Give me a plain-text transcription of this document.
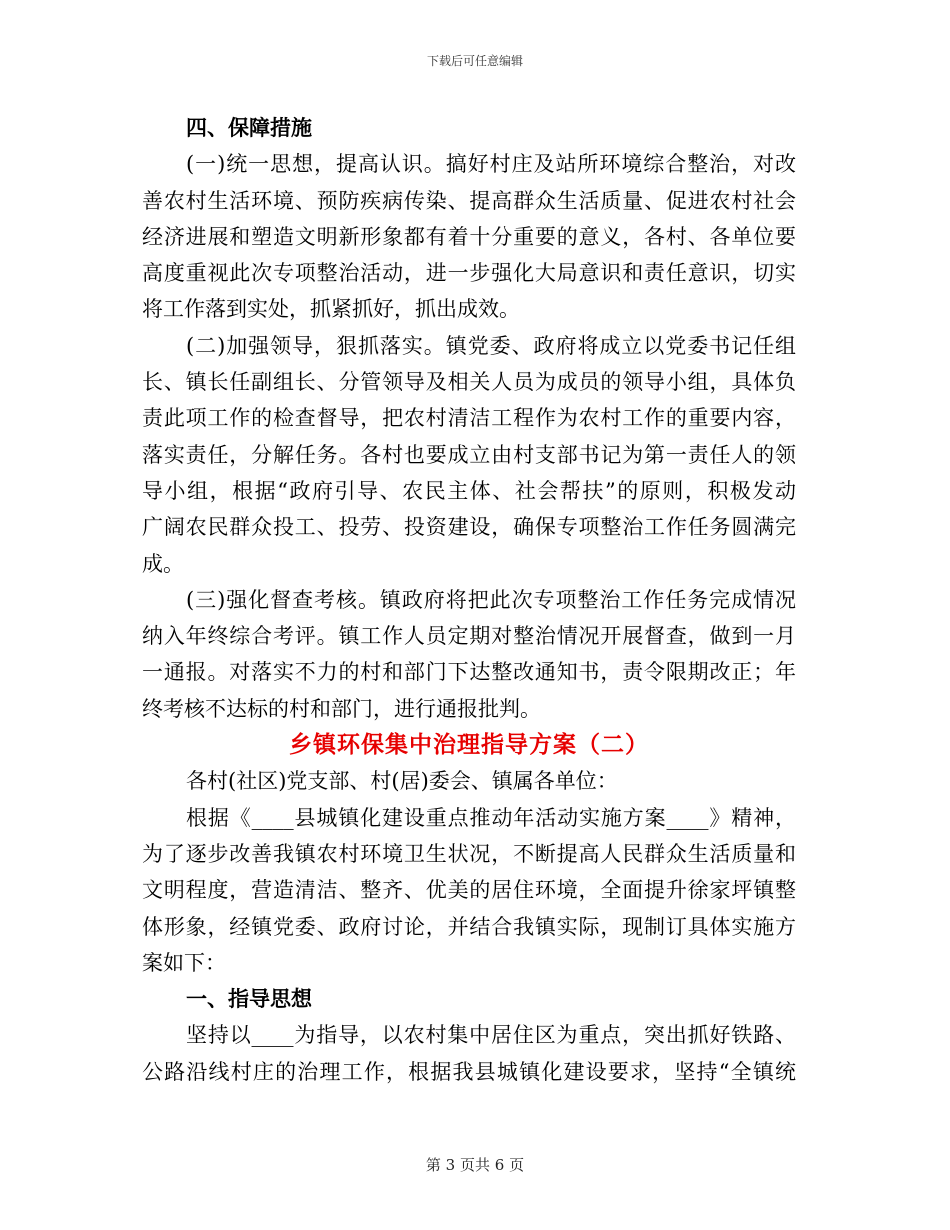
下载后可任意编辑
四、保障措施
(一)统一思想，提高认识。搞好村庄及站所环境综合整治，对改
善农村生活环境、预防疾病传染、提高群众生活质量、促进农村社会
经济进展和塑造文明新形象都有着十分重要的意义，各村、各单位要
高度重视此次专项整治活动，进一步强化大局意识和责任意识，切实
将工作落到实处，抓紧抓好，抓出成效。
(二)加强领导，狠抓落实。镇党委、政府将成立以党委书记任组
长、镇长任副组长、分管领导及相关人员为成员的领导小组，具体负
责此项工作的检查督导，把农村清洁工程作为农村工作的重要内容，
落实责任，分解任务。各村也要成立由村支部书记为第一责任人的领
导小组，根据“政府引导、农民主体、社会帮扶”的原则，积极发动
广阔农民群众投工、投劳、投资建设，确保专项整治工作任务圆满完
成。
(三)强化督查考核。镇政府将把此次专项整治工作任务完成情况
纳入年终综合考评。镇工作人员定期对整治情况开展督查，做到一月
一通报。对落实不力的村和部门下达整改通知书，责令限期改正；年
终考核不达标的村和部门，进行通报批判。
乡镇环保集中治理指导方案（二）
各村(社区)党支部、村(居)委会、镇属各单位：
根据《____县城镇化建设重点推动年活动实施方案____》精神，
为了逐步改善我镇农村环境卫生状况，不断提高人民群众生活质量和
文明程度，营造清洁、整齐、优美的居住环境，全面提升徐家坪镇整
体形象，经镇党委、政府讨论，并结合我镇实际，现制订具体实施方
案如下：
一、指导思想
坚持以____为指导，以农村集中居住区为重点，突出抓好铁路、
公路沿线村庄的治理工作，根据我县城镇化建设要求，坚持“全镇统
第 3 页共 6 页
